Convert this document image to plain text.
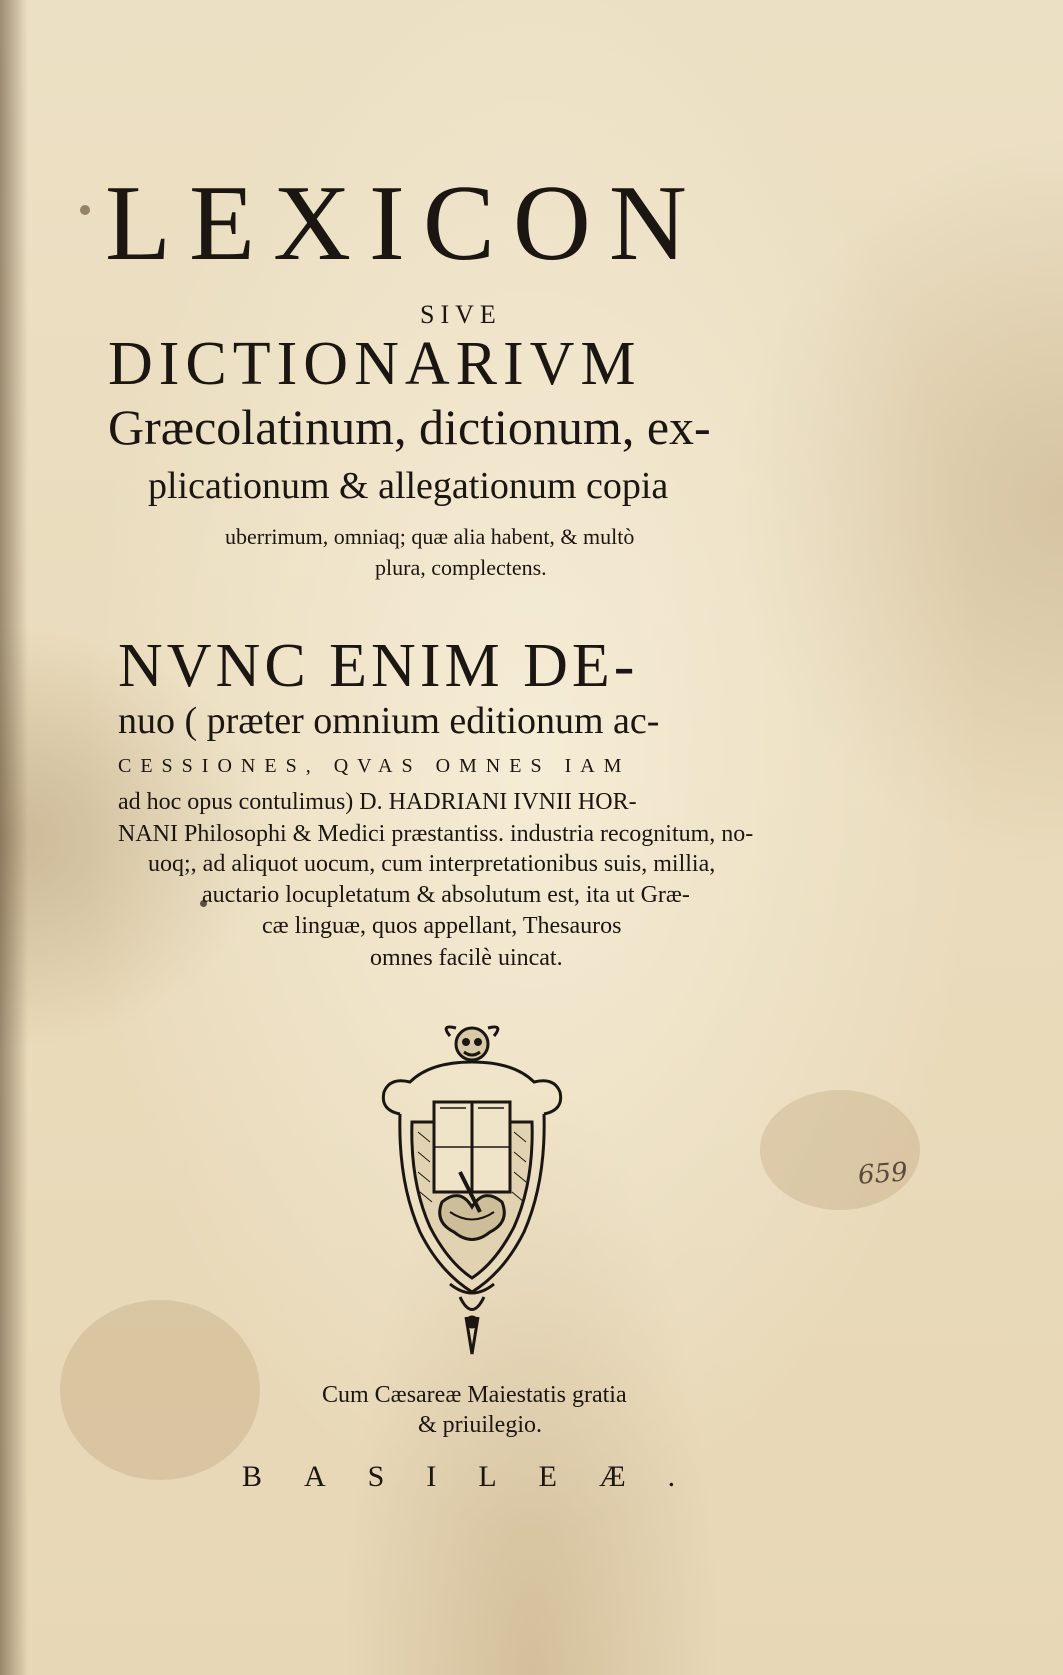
LEXICON
SIVE
DICTIONARIVM
Græcolatinum, dictionum, ex-
plicationum & allegationum copia
uberrimum, omniaq; quæ alia habent, & multò
plura, complectens.
NVNC ENIM DE-
nuo ( præter omnium editionum ac-
CESSIONES, QVAS OMNES IAM
ad hoc opus contulimus) D. HADRIANI IVNII HOR-
NANI Philosophi & Medici præstantiss. industria recognitum, no-
uoq;, ad aliquot uocum, cum interpretationibus suis, millia,
auctario locupletatum & absolutum est, ita ut Græ-
cæ linguæ, quos appellant, Thesauros
omnes facilè uincat.
659
Cum Cæsareæ Maiestatis gratia
& priuilegio.
BASILEÆ.
